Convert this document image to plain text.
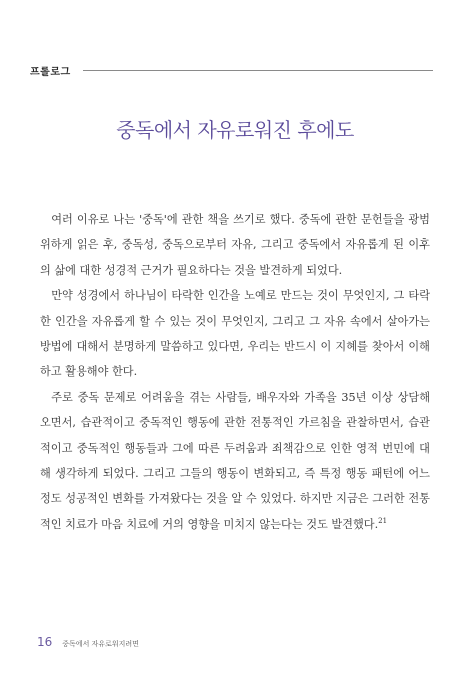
프롤로그
중독에서 자유로워진 후에도

여러 이유로 나는 '중독'에 관한 책을 쓰기로 했다. 중독에 관한 문헌들을 광범위하게 읽은 후, 중독성, 중독으로부터 자유, 그리고 중독에서 자유롭게 된 이후의 삶에 대한 성경적 근거가 필요하다는 것을 발견하게 되었다.

만약 성경에서 하나님이 타락한 인간을 노예로 만드는 것이 무엇인지, 그 타락한 인간을 자유롭게 할 수 있는 것이 무엇인지, 그리고 그 자유 속에서 살아가는 방법에 대해서 분명하게 말씀하고 있다면, 우리는 반드시 이 지혜를 찾아서 이해하고 활용해야 한다.

주로 중독 문제로 어려움을 겪는 사람들, 배우자와 가족을 35년 이상 상담해 오면서, 습관적이고 중독적인 행동에 관한 전통적인 가르침을 관찰하면서, 습관적이고 중독적인 행동들과 그에 따른 두려움과 죄책감으로 인한 영적 번민에 대해 생각하게 되었다. 그리고 그들의 행동이 변화되고, 즉 특정 행동 패턴에 어느 정도 성공적인 변화를 가져왔다는 것을 알 수 있었다. 하지만 지금은 그러한 전통적인 치료가 마음 치료에 거의 영향을 미치지 않는다는 것도 발견했다.$^{21}$

16 중독에서 자유로워지려면
